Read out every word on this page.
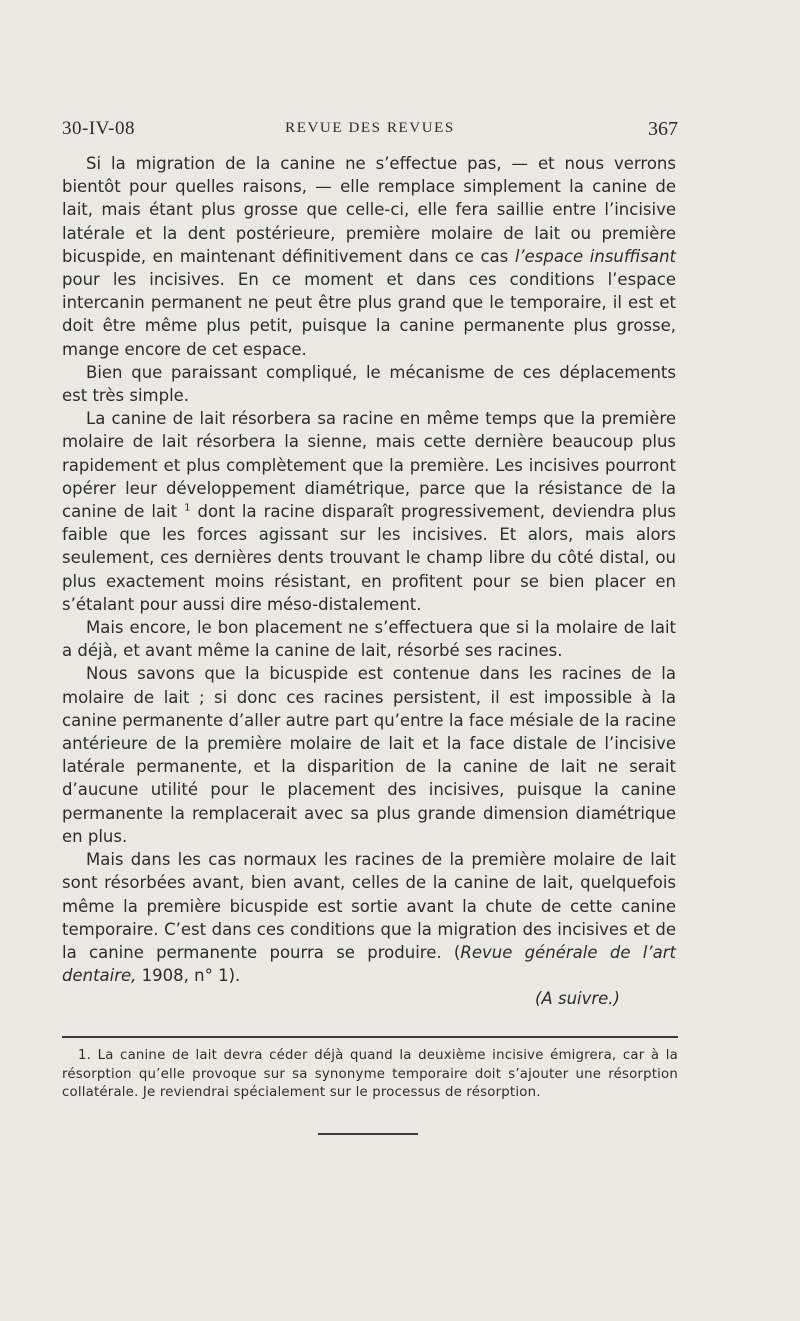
30-IV-08	REVUE DES REVUES	367

Si la migration de la canine ne s’effectue pas, — et nous verrons bientôt pour quelles raisons, — elle remplace simplement la canine de lait, mais étant plus grosse que celle-ci, elle fera saillie entre l’incisive latérale et la dent postérieure, première molaire de lait ou première bicuspide, en maintenant définitivement dans ce cas l’espace insuffisant pour les incisives. En ce moment et dans ces conditions l’espace intercanin permanent ne peut être plus grand que le temporaire, il est et doit être même plus petit, puisque la canine permanente plus grosse, mange encore de cet espace.

Bien que paraissant compliqué, le mécanisme de ces déplacements est très simple.

La canine de lait résorbera sa racine en même temps que la première molaire de lait résorbera la sienne, mais cette dernière beaucoup plus rapidement et plus complètement que la première. Les incisives pourront opérer leur développement diamétrique, parce que la résistance de la canine de lait $^1$ dont la racine disparaît progressivement, deviendra plus faible que les forces agissant sur les incisives. Et alors, mais alors seulement, ces dernières dents trouvant le champ libre du côté distal, ou plus exactement moins résistant, en profitent pour se bien placer en s’étalant pour aussi dire méso-distalement.

Mais encore, le bon placement ne s’effectuera que si la molaire de lait a déjà, et avant même la canine de lait, résorbé ses racines.

Nous savons que la bicuspide est contenue dans les racines de la molaire de lait ; si donc ces racines persistent, il est impossible à la canine permanente d’aller autre part qu’entre la face mésiale de la racine antérieure de la première molaire de lait et la face distale de l’incisive latérale permanente, et la disparition de la canine de lait ne serait d’aucune utilité pour le placement des incisives, puisque la canine permanente la remplacerait avec sa plus grande dimension diamétrique en plus.

Mais dans les cas normaux les racines de la première molaire de lait sont résorbées avant, bien avant, celles de la canine de lait, quelquefois même la première bicuspide est sortie avant la chute de cette canine temporaire. C’est dans ces conditions que la migration des incisives et de la canine permanente pourra se produire. (Revue générale de l’art dentaire, 1908, n° 1).

(A suivre.)

1. La canine de lait devra céder déjà quand la deuxième incisive émigrera, car à la résorption qu’elle provoque sur sa synonyme temporaire doit s’ajouter une résorption collatérale. Je reviendrai spécialement sur le processus de résorption.
